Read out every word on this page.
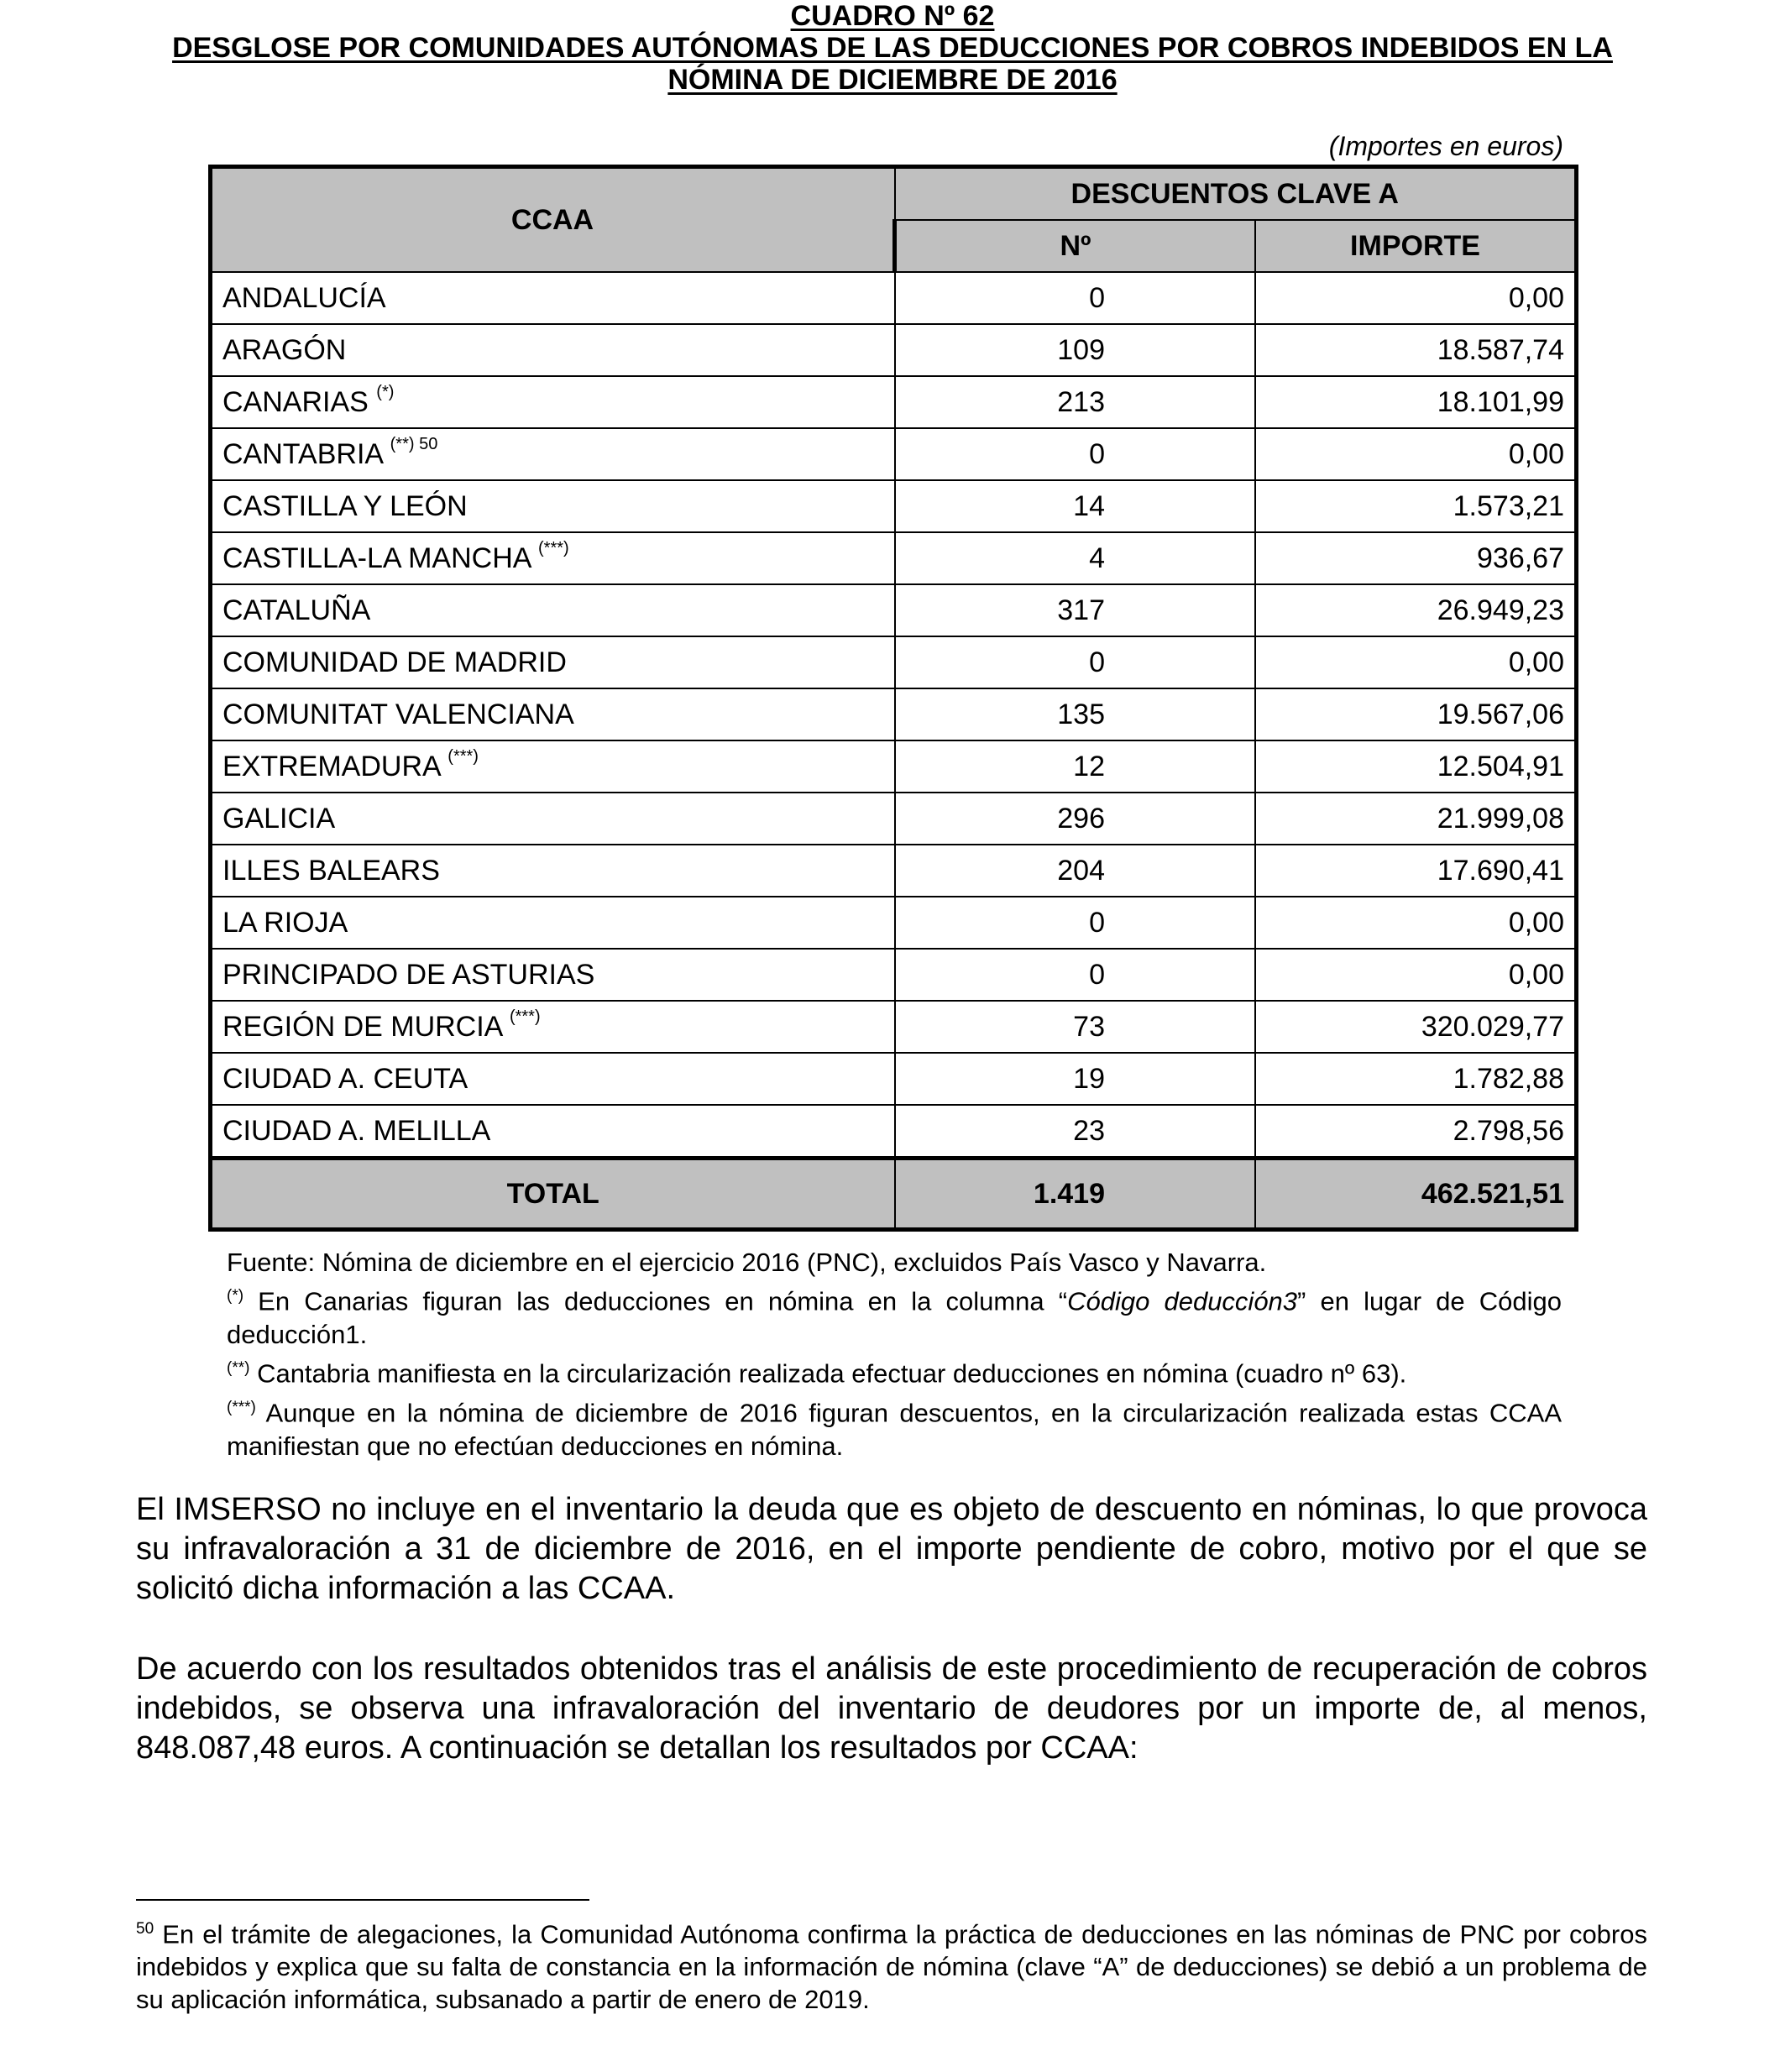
CUADRO Nº 62
DESGLOSE POR COMUNIDADES AUTÓNOMAS DE LAS DEDUCCIONES POR COBROS INDEBIDOS EN LA
NÓMINA DE DICIEMBRE DE 2016
(Importes en euros)
CCAA	DESCUENTOS CLAVE A	
	Nº	IMPORTE
ANDALUCÍA	0	0,00
ARAGÓN	109	18.587,74
CANARIAS (*)	213	18.101,99
CANTABRIA $^{(**) 50}$	0	0,00
CASTILLA Y LEÓN	14	1.573,21
CASTILLA-LA MANCHA (***)	4	936,67
CATALUÑA	317	26.949,23
COMUNIDAD DE MADRID	0	0,00
COMUNITAT VALENCIANA	135	19.567,06
EXTREMADURA (***)	12	12.504,91
GALICIA	296	21.999,08
ILLES BALEARS	204	17.690,41
LA RIOJA	0	0,00
PRINCIPADO DE ASTURIAS	0	0,00
REGIÓN DE MURCIA (***)	73	320.029,77
CIUDAD A. CEUTA	19	1.782,88
CIUDAD A. MELILLA	23	2.798,56
TOTAL	1.419	462.521,51

Fuente: Nómina de diciembre en el ejercicio 2016 (PNC), excluidos País Vasco y Navarra.

(*) En Canarias figuran las deducciones en nómina en la columna “Código deducción3” en lugar de Código deducción1.

(**) Cantabria manifiesta en la circularización realizada efectuar deducciones en nómina (cuadro nº 63).

(***) Aunque en la nómina de diciembre de 2016 figuran descuentos, en la circularización realizada estas CCAA manifiestan que no efectúan deducciones en nómina.

El IMSERSO no incluye en el inventario la deuda que es objeto de descuento en nóminas, lo que provoca su infravaloración a 31 de diciembre de 2016, en el importe pendiente de cobro, motivo por el que se solicitó dicha información a las CCAA.

De acuerdo con los resultados obtenidos tras el análisis de este procedimiento de recuperación de cobros indebidos, se observa una infravaloración del inventario de deudores por un importe de, al menos, 848.087,48 euros. A continuación se detallan los resultados por CCAA:

$^{50}$ En el trámite de alegaciones, la Comunidad Autónoma confirma la práctica de deducciones en las nóminas de PNC por cobros indebidos y explica que su falta de constancia en la información de nómina (clave “A” de deducciones) se debió a un problema de su aplicación informática, subsanado a partir de enero de 2019.
